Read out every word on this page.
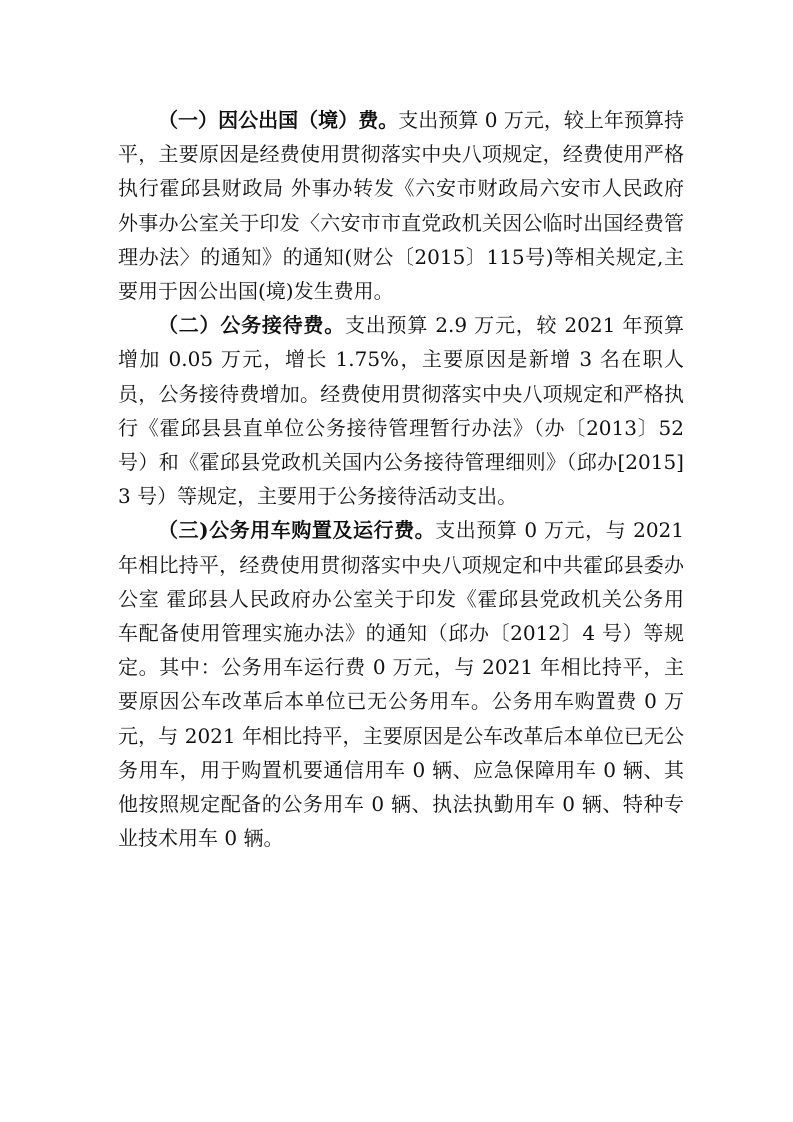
（一）因公出国（境）费。支出预算 0 万元，较上年预算持平，主要原因是经费使用贯彻落实中央八项规定，经费使用严格执行霍邱县财政局 外事办转发《六安市财政局六安市人民政府外事办公室关于印发〈六安市市直党政机关因公临时出国经费管理办法〉的通知》的通知(财公〔2015〕115号)等相关规定,主要用于因公出国(境)发生费用。

（二）公务接待费。支出预算 2.9 万元，较 2021 年预算增加 0.05 万元，增长 1.75%，主要原因是新增 3 名在职人员，公务接待费增加。经费使用贯彻落实中央八项规定和严格执行《霍邱县县直单位公务接待管理暂行办法》（办〔2013〕52 号）和《霍邱县党政机关国内公务接待管理细则》（邱办[2015]3 号）等规定，主要用于公务接待活动支出。

（三)公务用车购置及运行费。支出预算 0 万元，与 2021年相比持平，经费使用贯彻落实中央八项规定和中共霍邱县委办公室 霍邱县人民政府办公室关于印发《霍邱县党政机关公务用车配备使用管理实施办法》的通知（邱办〔2012〕4 号）等规定。其中：公务用车运行费 0 万元，与 2021 年相比持平，主要原因公车改革后本单位已无公务用车。公务用车购置费 0 万元，与 2021 年相比持平，主要原因是公车改革后本单位已无公务用车，用于购置机要通信用车 0 辆、应急保障用车 0 辆、其他按照规定配备的公务用车 0 辆、执法执勤用车 0 辆、特种专业技术用车 0 辆。
